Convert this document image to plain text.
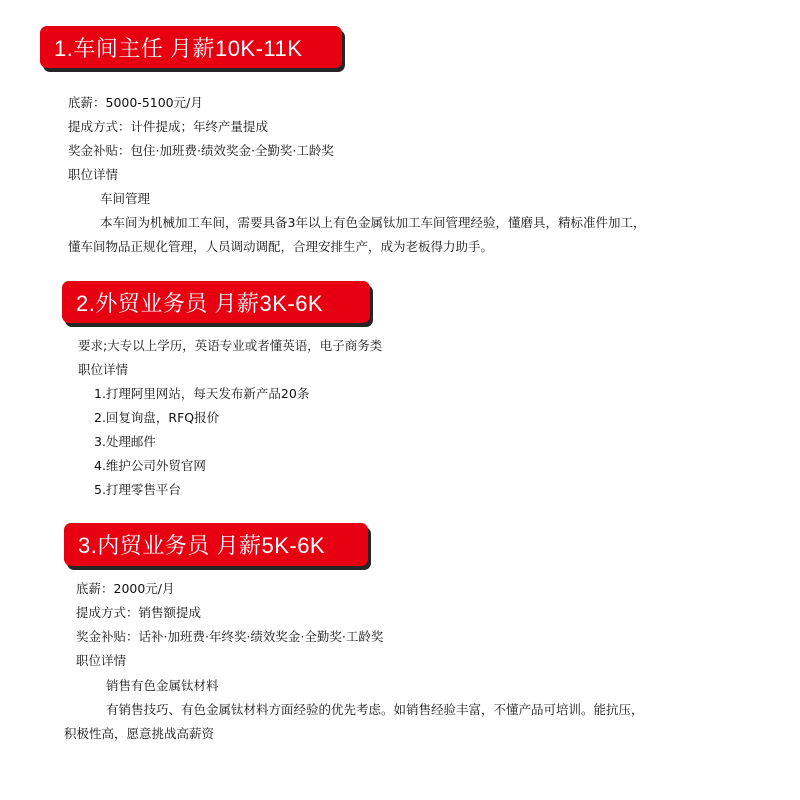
1.车间主任 月薪10K-11K
底薪：5000-5100元/月
提成方式：计件提成；年终产量提成
奖金补贴：包住·加班费·绩效奖金·全勤奖·工龄奖
职位详情
车间管理
本车间为机械加工车间，需要具备3年以上有色金属钛加工车间管理经验，懂磨具，精标准件加工，
懂车间物品正规化管理，人员调动调配，合理安排生产，成为老板得力助手。
2.外贸业务员 月薪3K-6K
要求;大专以上学历，英语专业或者懂英语，电子商务类
职位详情
1.打理阿里网站，每天发布新产品20条
2.回复询盘，RFQ报价
3.处理邮件
4.维护公司外贸官网
5.打理零售平台
3.内贸业务员 月薪5K-6K
底薪：2000元/月
提成方式：销售额提成
奖金补贴：话补·加班费·年终奖·绩效奖金·全勤奖·工龄奖
职位详情
销售有色金属钛材料
有销售技巧、有色金属钛材料方面经验的优先考虑。如销售经验丰富，不懂产品可培训。能抗压，
积极性高，愿意挑战高薪资
